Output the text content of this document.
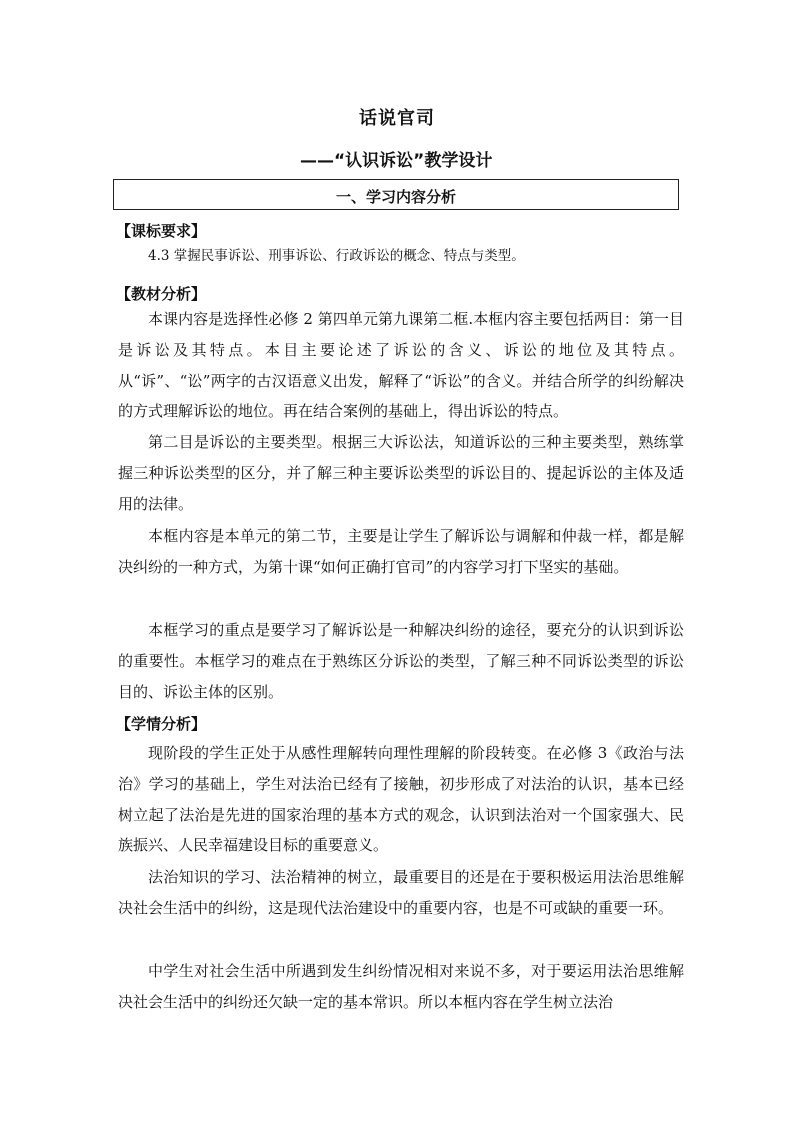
话说官司
——“认识诉讼”教学设计
一、学习内容分析
【课标要求】
4.3 掌握民事诉讼、刑事诉讼、行政诉讼的概念、特点与类型。
【教材分析】
本课内容是选择性必修 2 第四单元第九课第二框.本框内容主要包括两目：第一目是诉讼及其特点。本目主要论述了诉讼的含义、诉讼的地位及其特点。从“诉”、“讼”两字的古汉语意义出发，解释了“诉讼”的含义。并结合所学的纠纷解决的方式理解诉讼的地位。再在结合案例的基础上，得出诉讼的特点。
第二目是诉讼的主要类型。根据三大诉讼法，知道诉讼的三种主要类型，熟练掌握三种诉讼类型的区分，并了解三种主要诉讼类型的诉讼目的、提起诉讼的主体及适用的法律。
本框内容是本单元的第二节，主要是让学生了解诉讼与调解和仲裁一样，都是解决纠纷的一种方式，为第十课“如何正确打官司”的内容学习打下坚实的基础。
本框学习的重点是要学习了解诉讼是一种解决纠纷的途径，要充分的认识到诉讼的重要性。本框学习的难点在于熟练区分诉讼的类型，了解三种不同诉讼类型的诉讼目的、诉讼主体的区别。
【学情分析】
现阶段的学生正处于从感性理解转向理性理解的阶段转变。在必修 3《政治与法治》学习的基础上，学生对法治已经有了接触，初步形成了对法治的认识，基本已经树立起了法治是先进的国家治理的基本方式的观念，认识到法治对一个国家强大、民族振兴、人民幸福建设目标的重要意义。
法治知识的学习、法治精神的树立，最重要目的还是在于要积极运用法治思维解决社会生活中的纠纷，这是现代法治建设中的重要内容，也是不可或缺的重要一环。
中学生对社会生活中所遇到发生纠纷情况相对来说不多，对于要运用法治思维解决社会生活中的纠纷还欠缺一定的基本常识。所以本框内容在学生树立法治
